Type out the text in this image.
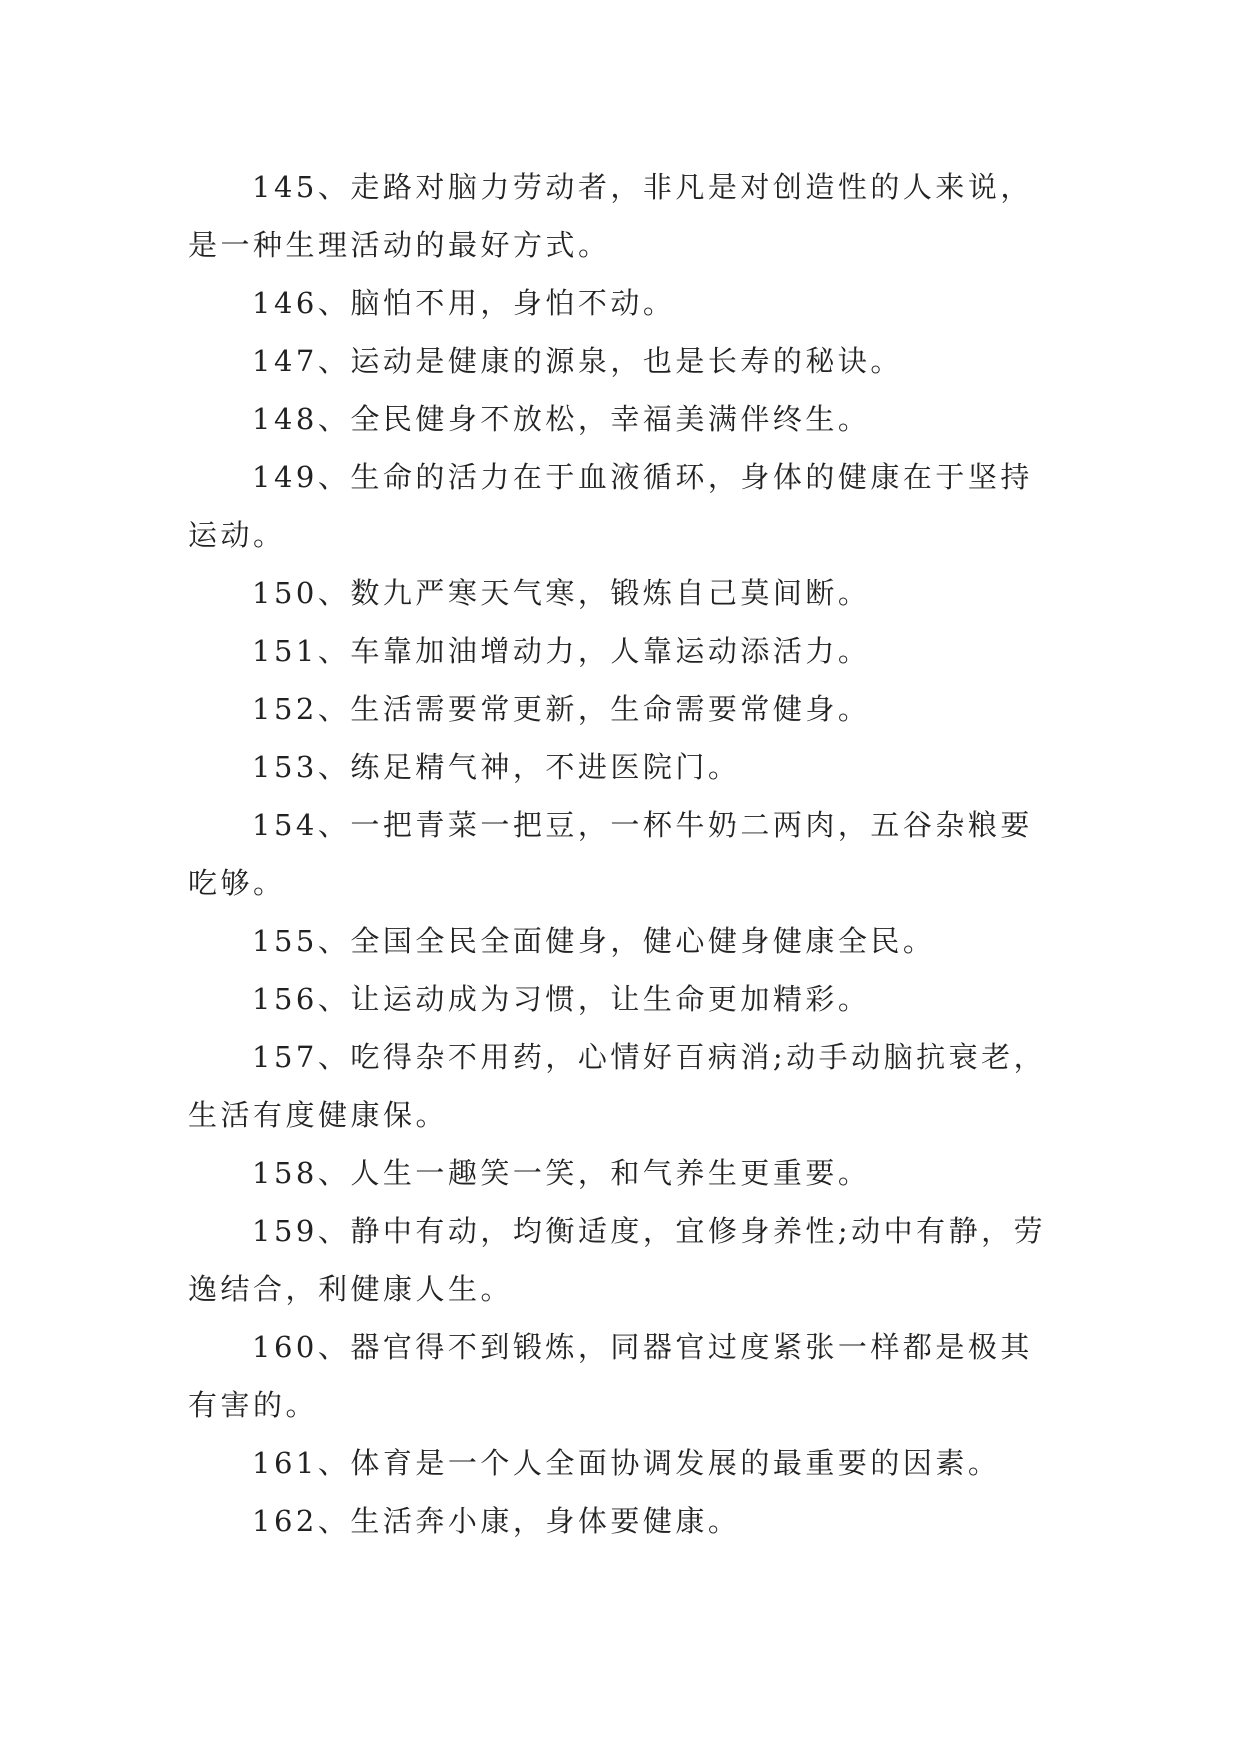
145、走路对脑力劳动者，非凡是对创造性的人来说，是一种生理活动的最好方式。

146、脑怕不用，身怕不动。

147、运动是健康的源泉，也是长寿的秘诀。

148、全民健身不放松，幸福美满伴终生。

149、生命的活力在于血液循环，身体的健康在于坚持运动。

150、数九严寒天气寒，锻炼自己莫间断。

151、车靠加油增动力，人靠运动添活力。

152、生活需要常更新，生命需要常健身。

153、练足精气神，不进医院门。

154、一把青菜一把豆，一杯牛奶二两肉，五谷杂粮要吃够。

155、全国全民全面健身，健心健身健康全民。

156、让运动成为习惯，让生命更加精彩。

157、吃得杂不用药，心情好百病消;动手动脑抗衰老，生活有度健康保。

158、人生一趣笑一笑，和气养生更重要。

159、静中有动，均衡适度，宜修身养性;动中有静，劳逸结合，利健康人生。

160、器官得不到锻炼，同器官过度紧张一样都是极其有害的。

161、体育是一个人全面协调发展的最重要的因素。

162、生活奔小康，身体要健康。
